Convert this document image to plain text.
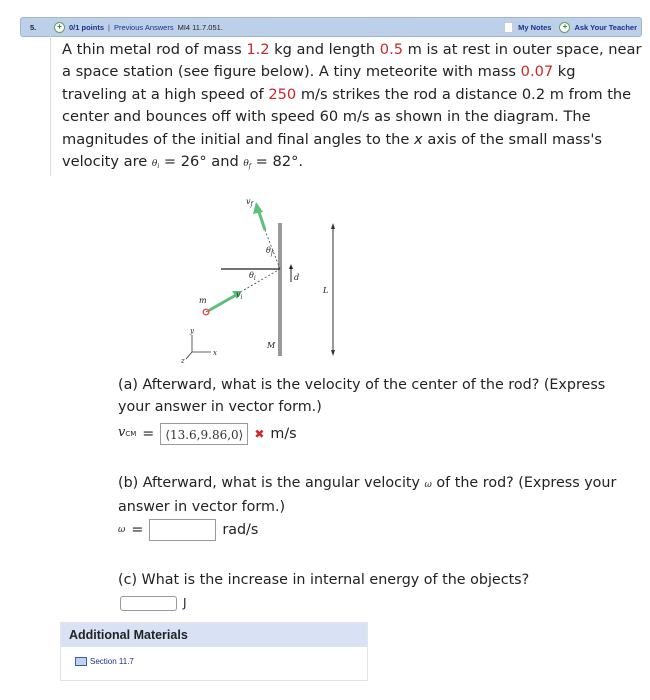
5.	+ 0/1 points | Previous Answers MI4 11.7.051.	My Notes	+ Ask Your Teacher
A thin metal rod of mass 1.2 kg and length 0.5 m is at rest in outer space, near a space station (see figure below). A tiny meteorite with mass 0.07 kg traveling at a high speed of 250 m/s strikes the rod a distance 0.2 m from the center and bounces off with speed 60 m/s as shown in the diagram. The magnitudes of the initial and final angles to the x axis of the small mass's velocity are $\theta_i = 26^\circ$ and $\theta_f = 82^\circ$.
$v_f$
$\theta_f$
$\theta_i$
$v_i$
m
M
d
L
y
x
z
(a) Afterward, what is the velocity of the center of the rod? (Express your answer in vector form.)
vCM = ⟨13.6,9.86,0⟩ ✖ m/s
(b) Afterward, what is the angular velocity ω of the rod? (Express your answer in vector form.)
ω =	rad/s
(c) What is the increase in internal energy of the objects?
J
Additional Materials
Section 11.7
